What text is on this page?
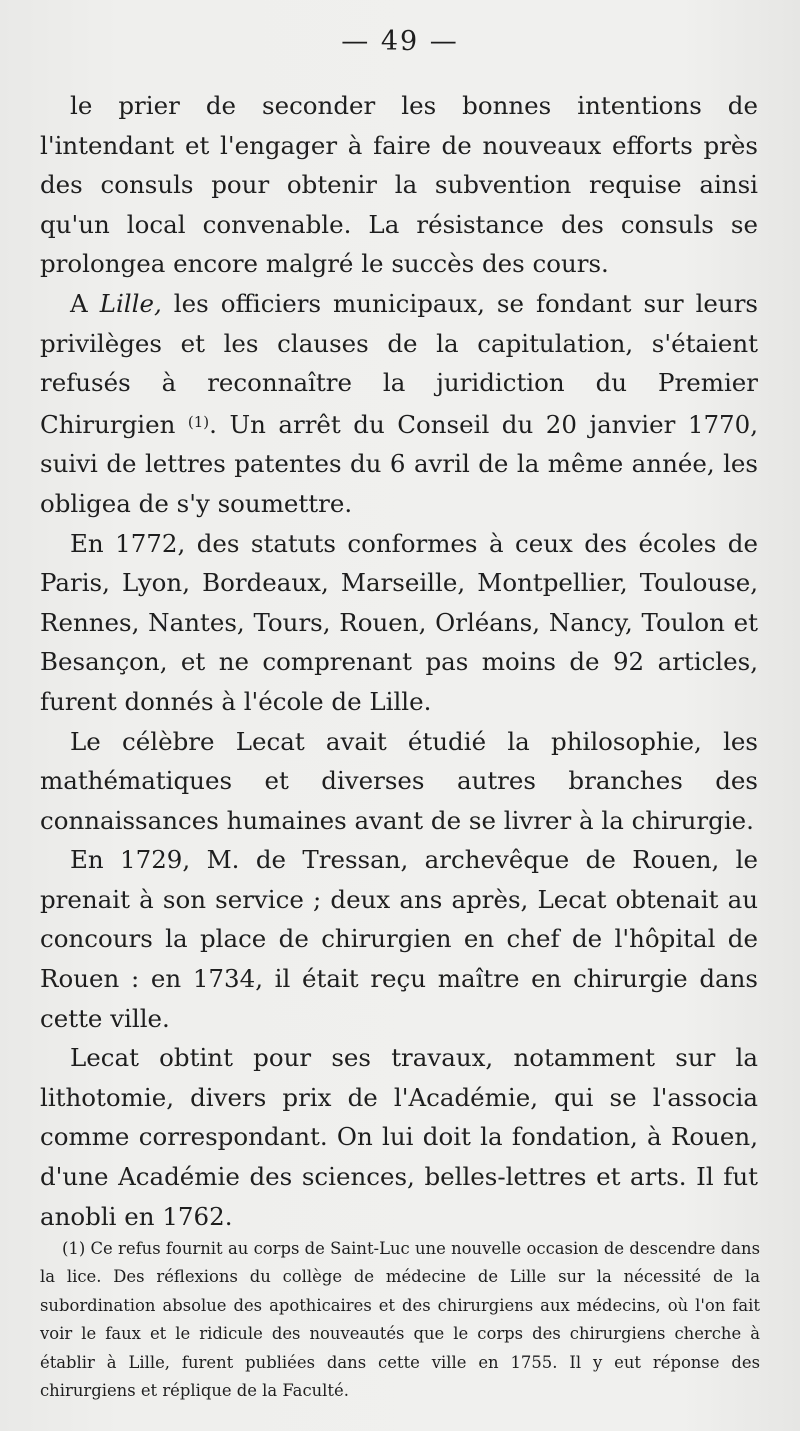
— 49 —

le prier de seconder les bonnes intentions de l'intendant et l'engager à faire de nouveaux efforts près des consuls pour obtenir la subvention requise ainsi qu'un local convenable. La résistance des consuls se prolongea encore malgré le succès des cours.

A Lille, les officiers municipaux, se fondant sur leurs privilèges et les clauses de la capitulation, s'étaient refusés à reconnaître la juridiction du Premier Chirurgien $^{(1)}$. Un arrêt du Conseil du 20 janvier 1770, suivi de lettres patentes du 6 avril de la même année, les obligea de s'y soumettre.

En 1772, des statuts conformes à ceux des écoles de Paris, Lyon, Bordeaux, Marseille, Montpellier, Toulouse, Rennes, Nantes, Tours, Rouen, Orléans, Nancy, Toulon et Besançon, et ne comprenant pas moins de 92 articles, furent donnés à l'école de Lille.

Le célèbre Lecat avait étudié la philosophie, les mathématiques et diverses autres branches des connaissances humaines avant de se livrer à la chirurgie.

En 1729, M. de Tressan, archevêque de Rouen, le prenait à son service ; deux ans après, Lecat obtenait au concours la place de chirurgien en chef de l'hôpital de Rouen : en 1734, il était reçu maître en chirurgie dans cette ville.

Lecat obtint pour ses travaux, notamment sur la lithotomie, divers prix de l'Académie, qui se l'associa comme correspondant. On lui doit la fondation, à Rouen, d'une Académie des sciences, belles-lettres et arts. Il fut anobli en 1762.

(1) Ce refus fournit au corps de Saint-Luc une nouvelle occasion de descendre dans la lice. Des réflexions du collège de médecine de Lille sur la nécessité de la subordination absolue des apothicaires et des chirurgiens aux médecins, où l'on fait voir le faux et le ridicule des nouveautés que le corps des chirurgiens cherche à établir à Lille, furent publiées dans cette ville en 1755. Il y eut réponse des chirurgiens et réplique de la Faculté.
